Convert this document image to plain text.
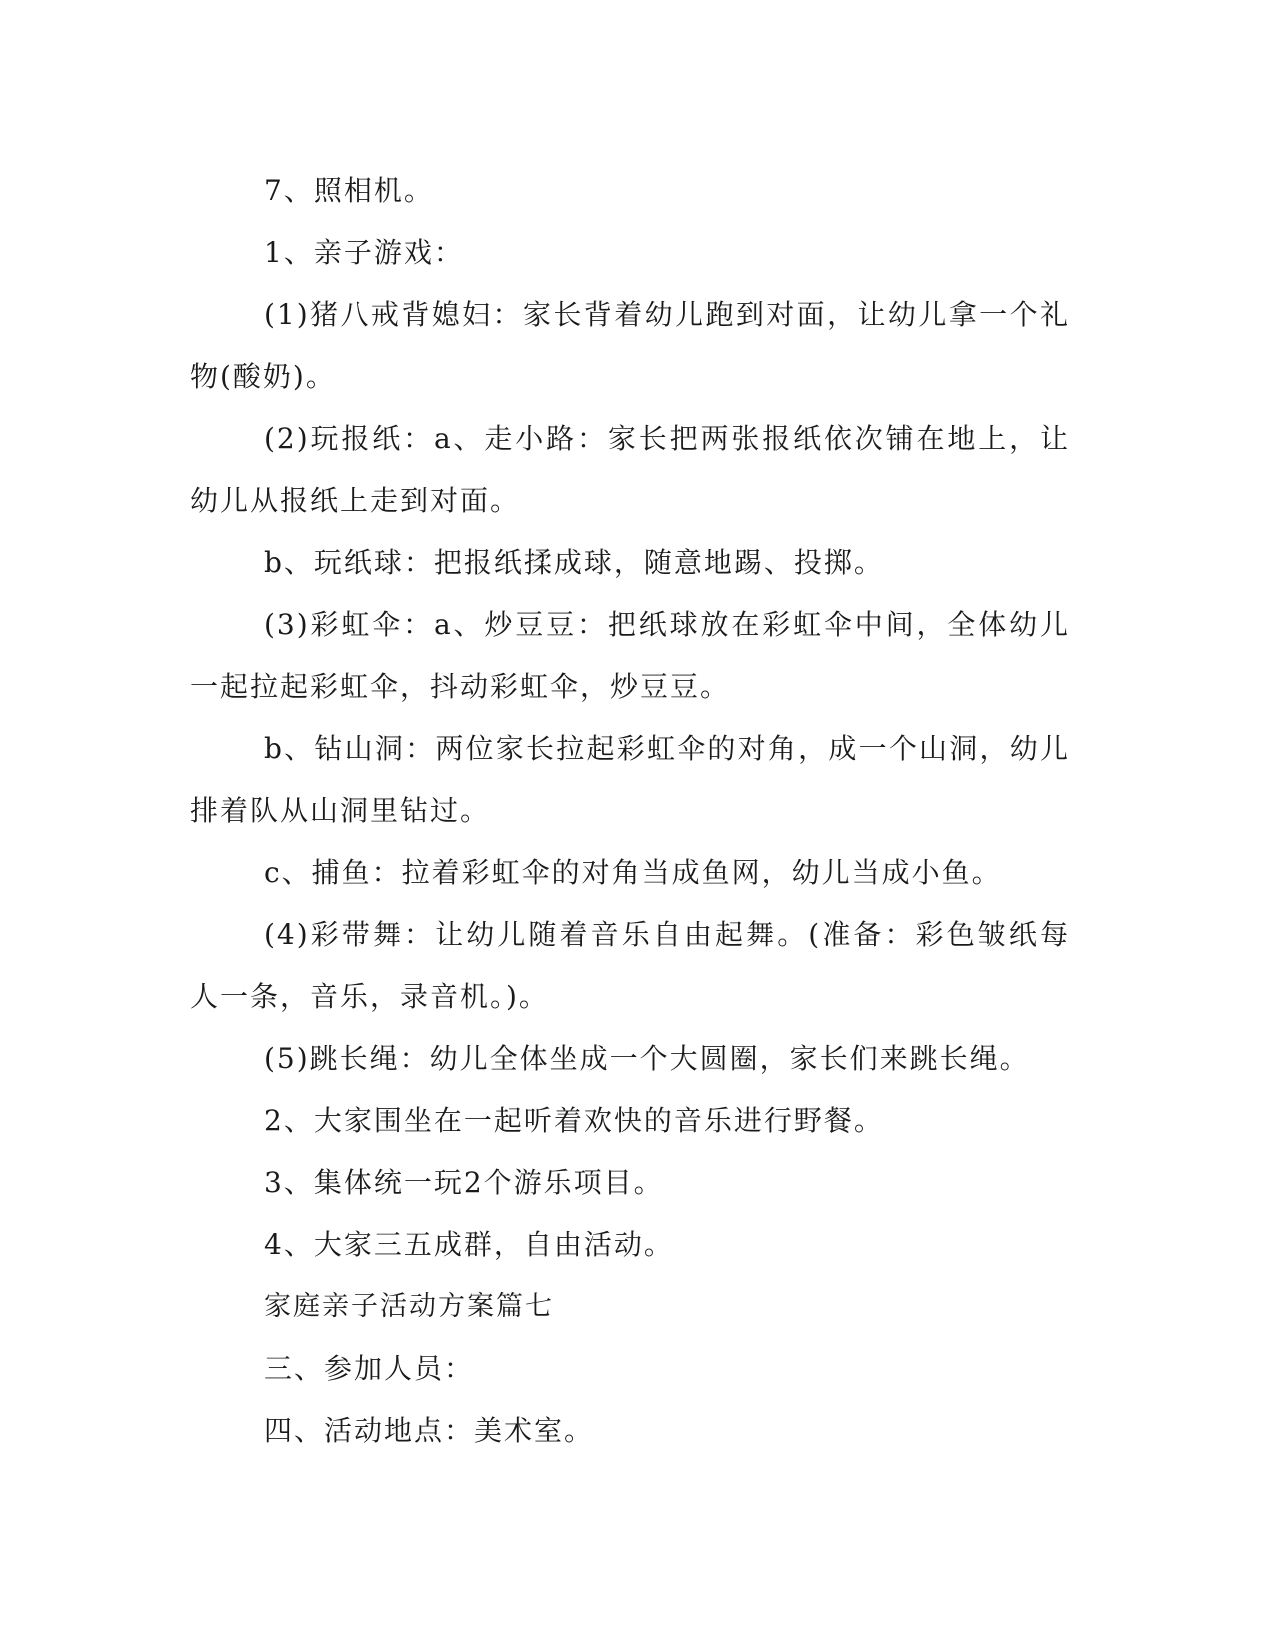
7、照相机。

1、亲子游戏：

(1)猪八戒背媳妇：家长背着幼儿跑到对面，让幼儿拿一个礼物(酸奶)。

(2)玩报纸：a、走小路：家长把两张报纸依次铺在地上，让幼儿从报纸上走到对面。

b、玩纸球：把报纸揉成球，随意地踢、投掷。

(3)彩虹伞：a、炒豆豆：把纸球放在彩虹伞中间，全体幼儿一起拉起彩虹伞，抖动彩虹伞，炒豆豆。

b、钻山洞：两位家长拉起彩虹伞的对角，成一个山洞，幼儿排着队从山洞里钻过。

c、捕鱼：拉着彩虹伞的对角当成鱼网，幼儿当成小鱼。

(4)彩带舞：让幼儿随着音乐自由起舞。(准备：彩色皱纸每人一条，音乐，录音机。)。

(5)跳长绳：幼儿全体坐成一个大圆圈，家长们来跳长绳。

2、大家围坐在一起听着欢快的音乐进行野餐。

3、集体统一玩2个游乐项目。

4、大家三五成群，自由活动。

家庭亲子活动方案篇七

三、参加人员：

四、活动地点：美术室。
